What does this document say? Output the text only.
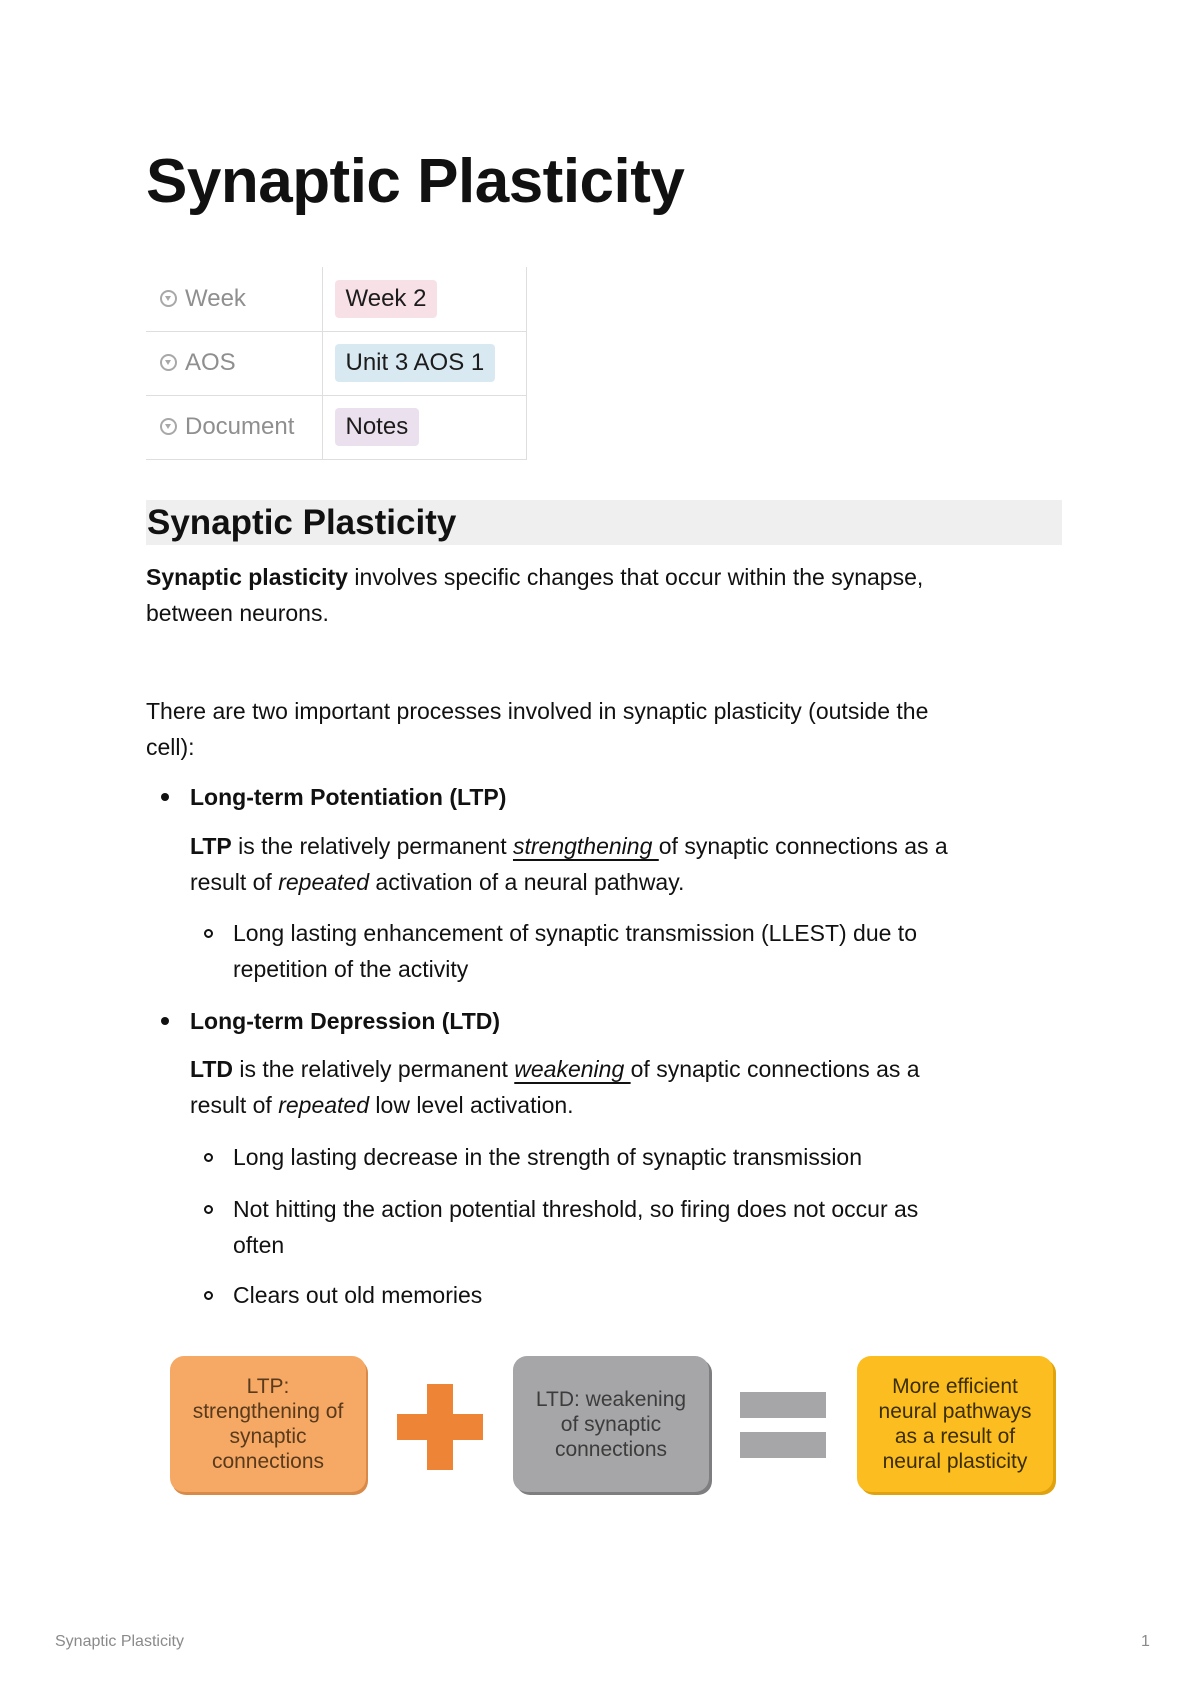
Synaptic Plasticity
Week	Week 2
AOS	Unit 3 AOS 1
Document	Notes
Synaptic Plasticity

Synaptic plasticity involves specific changes that occur within the synapse,
between neurons.

There are two important processes involved in synaptic plasticity (outside the
cell):

Long-term Potentiation (LTP)

LTP is the relatively permanent strengthening of synaptic connections as a
result of repeated activation of a neural pathway.

Long lasting enhancement of synaptic transmission (LLEST) due to
repetition of the activity

Long-term Depression (LTD)

LTD is the relatively permanent weakening of synaptic connections as a
result of repeated low level activation.

Long lasting decrease in the strength of synaptic transmission

Not hitting the action potential threshold, so firing does not occur as
often

Clears out old memories

LTP: strengthening of synaptic connections
LTD: weakening of synaptic connections
More efficient neural pathways as a result of neural plasticity
Synaptic Plasticity	1
